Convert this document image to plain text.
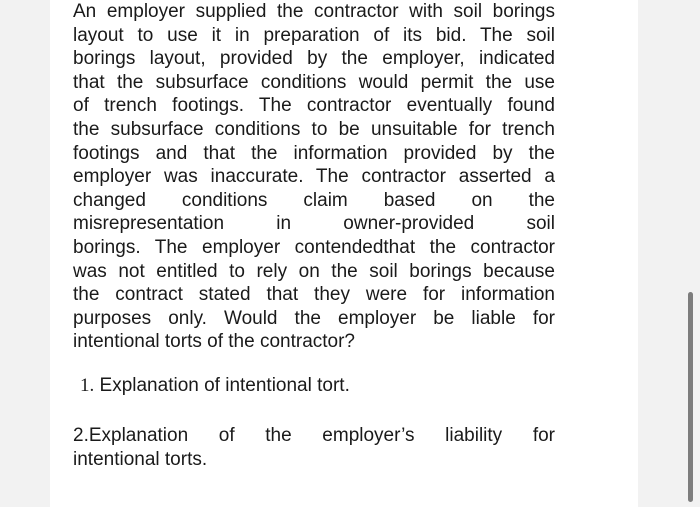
An employer supplied the contractor with soil borings
layout to use it in preparation of its bid. The soil
borings layout, provided by the employer, indicated
that the subsurface conditions would permit the use
of trench footings. The contractor eventually found
the subsurface conditions to be unsuitable for trench
footings and that the information provided by the
employer was inaccurate. The contractor asserted a
changed conditions claim based on the
misrepresentation in owner-provided soil
borings. The employer contendedthat the contractor
was not entitled to rely on the soil borings because
the contract stated that they were for information
purposes only. Would the employer be liable for
intentional torts of the contractor?
1. Explanation of intentional tort.
2.Explanation of the employer’s liability for
intentional torts.
